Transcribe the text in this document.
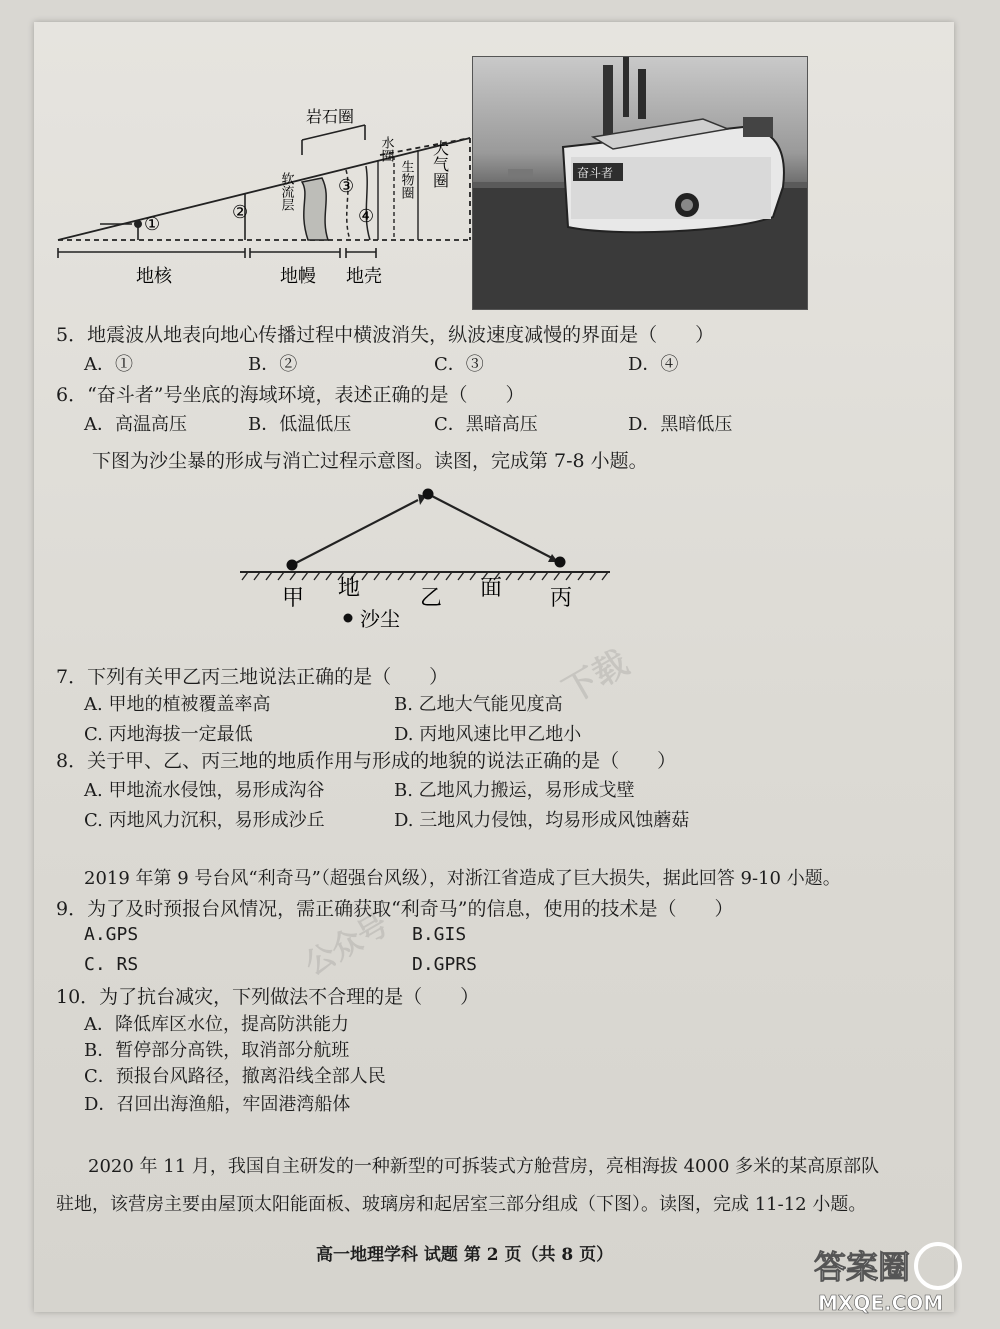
岩石圈
①
②
③
④
软流层
水圈
生物圈 大气圈
地核	地幔 地壳
奋斗者
5．地震波从地表向地心传播过程中横波消失，纵波速度减慢的界面是（　　）
A．①	B．②	C．③	D．④
6．“奋斗者”号坐底的海域环境，表述正确的是（　　）
A．高温高压	B．低温低压	C．黑暗高压	D．黑暗低压
下图为沙尘暴的形成与消亡过程示意图。读图，完成第 7-8 小题。
甲 地	乙 面 丙
沙尘
7．下列有关甲乙丙三地说法正确的是（　　）
A. 甲地的植被覆盖率高	B. 乙地大气能见度高
C. 丙地海拔一定最低	D. 丙地风速比甲乙地小
8．关于甲、乙、丙三地的地质作用与形成的地貌的说法正确的是（　　）
A. 甲地流水侵蚀，易形成沟谷	B. 乙地风力搬运，易形成戈壁
C. 丙地风力沉积，易形成沙丘	D. 三地风力侵蚀，均易形成风蚀蘑菇
2019 年第 9 号台风“利奇马”（超强台风级），对浙江省造成了巨大损失，据此回答 9-10 小题。
9．为了及时预报台风情况，需正确获取“利奇马”的信息，使用的技术是（　　）
A.GPS	B.GIS
C. RS	D.GPRS
10．为了抗台减灾，下列做法不合理的是（　　）
A．降低库区水位，提高防洪能力
B．暂停部分高铁，取消部分航班
C．预报台风路径，撤离沿线全部人民
D．召回出海渔船，牢固港湾船体
2020 年 11 月，我国自主研发的一种新型的可拆装式方舱营房，亮相海拔 4000 多米的某高原部队
驻地，该营房主要由屋顶太阳能面板、玻璃房和起居室三部分组成（下图）。读图，完成 11-12 小题。
高一地理学科 试题 第 2 页（共 8 页）	答案圈
MXQE.COM
